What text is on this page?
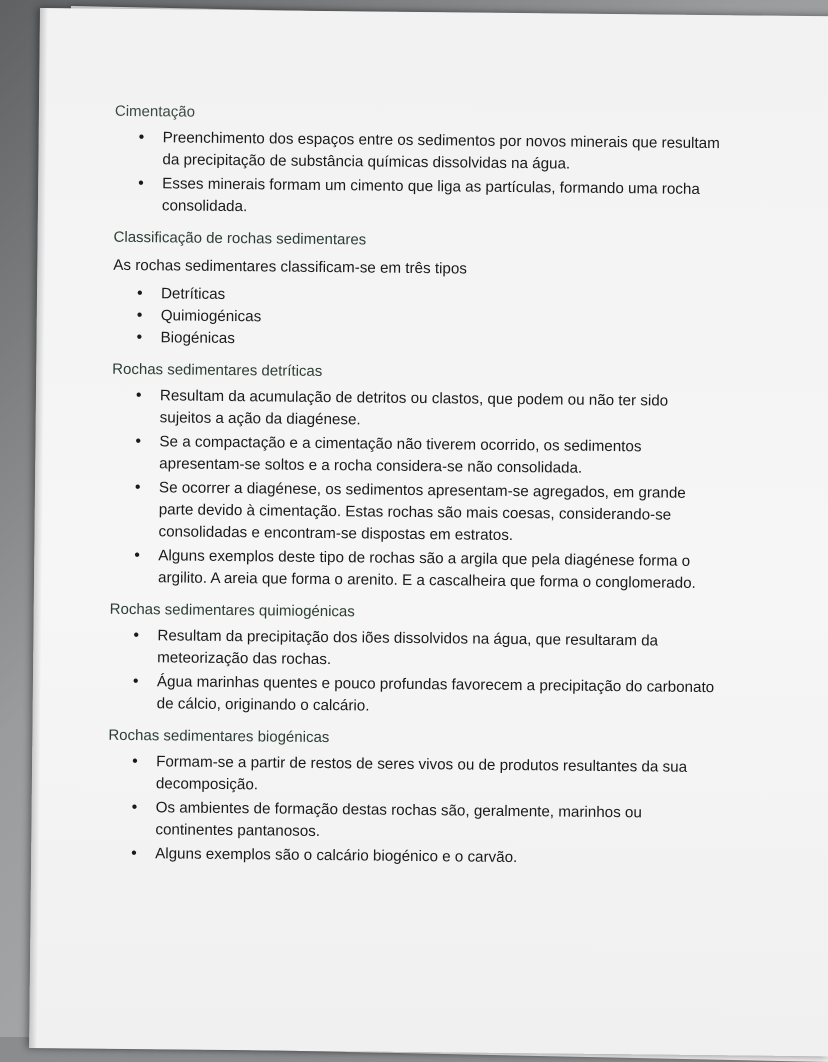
Cimentação

• Preenchimento dos espaços entre os sedimentos por novos minerais que resultam da precipitação de substância químicas dissolvidas na água.
• Esses minerais formam um cimento que liga as partículas, formando uma rocha consolidada.

Classificação de rochas sedimentares

As rochas sedimentares classificam-se em três tipos

• Detríticas
• Quimiogénicas
• Biogénicas

Rochas sedimentares detríticas

• Resultam da acumulação de detritos ou clastos, que podem ou não ter sido sujeitos a ação da diagénese.
• Se a compactação e a cimentação não tiverem ocorrido, os sedimentos apresentam-se soltos e a rocha considera-se não consolidada.
• Se ocorrer a diagénese, os sedimentos apresentam-se agregados, em grande parte devido à cimentação. Estas rochas são mais coesas, considerando-se consolidadas e encontram-se dispostas em estratos.
• Alguns exemplos deste tipo de rochas são a argila que pela diagénese forma o argilito. A areia que forma o arenito. E a cascalheira que forma o conglomerado.

Rochas sedimentares quimiogénicas

• Resultam da precipitação dos iões dissolvidos na água, que resultaram da meteorização das rochas.
• Água marinhas quentes e pouco profundas favorecem a precipitação do carbonato de cálcio, originando o calcário.

Rochas sedimentares biogénicas

• Formam-se a partir de restos de seres vivos ou de produtos resultantes da sua decomposição.
• Os ambientes de formação destas rochas são, geralmente, marinhos ou continentes pantanosos.
• Alguns exemplos são o calcário biogénico e o carvão.
